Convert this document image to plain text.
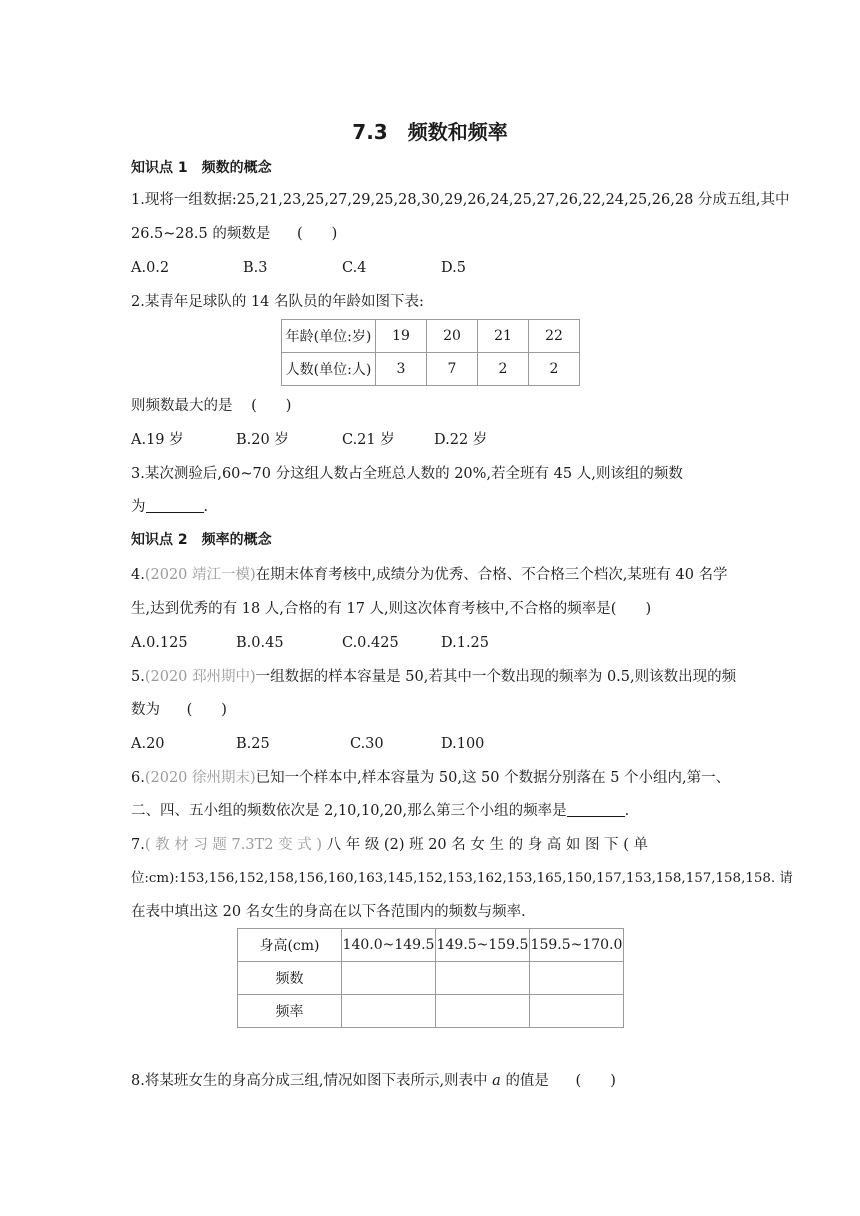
7.3　频数和频率
知识点 1　频数的概念
1.现将一组数据:25,21,23,25,27,29,25,28,30,29,26,24,25,27,26,22,24,25,26,28 分成五组,其中
26.5~28.5 的频数是 (　　)
A.0.2	B.3	C.4	D.5
2.某青年足球队的 14 名队员的年龄如图下表:
年龄(单位:岁)	19	20	21	22
人数(单位:人)	3	7	2	2
则频数最大的是 (　　)
A.19 岁	B.20 岁	C.21 岁	D.22 岁
3.某次测验后,60~70 分这组人数占全班总人数的 20%,若全班有 45 人,则该组的频数
为	.
知识点 2　频率的概念
4.(2020 靖江一模)在期末体育考核中,成绩分为优秀、合格、不合格三个档次,某班有 40 名学
生,达到优秀的有 18 人,合格的有 17 人,则这次体育考核中,不合格的频率是(　　)
A.0.125	B.0.45	C.0.425	D.1.25
5.(2020 邳州期中)一组数据的样本容量是 50,若其中一个数出现的频率为 0.5,则该数出现的频
数为 (　　)
A.20	B.25	C.30	D.100
6.(2020 徐州期末)已知一个样本中,样本容量为 50,这 50 个数据分别落在 5 个小组内,第一、
二、四、五小组的频数依次是 2,10,10,20,那么第三个小组的频率是	.
7.( 教 材 习 题 7.3T2 变 式 ) 八 年 级 (2) 班 20 名 女 生 的 身 高 如 图 下 ( 单
位:cm):153,156,152,158,156,160,163,145,152,153,162,153,165,150,157,153,158,157,158,158. 请
在表中填出这 20 名女生的身高在以下各范围内的频数与频率.
身高(cm)	140.0~149.5	149.5~159.5	159.5~170.0
频数			
频率			
8.将某班女生的身高分成三组,情况如图下表所示,则表中 a 的值是 (　　)
